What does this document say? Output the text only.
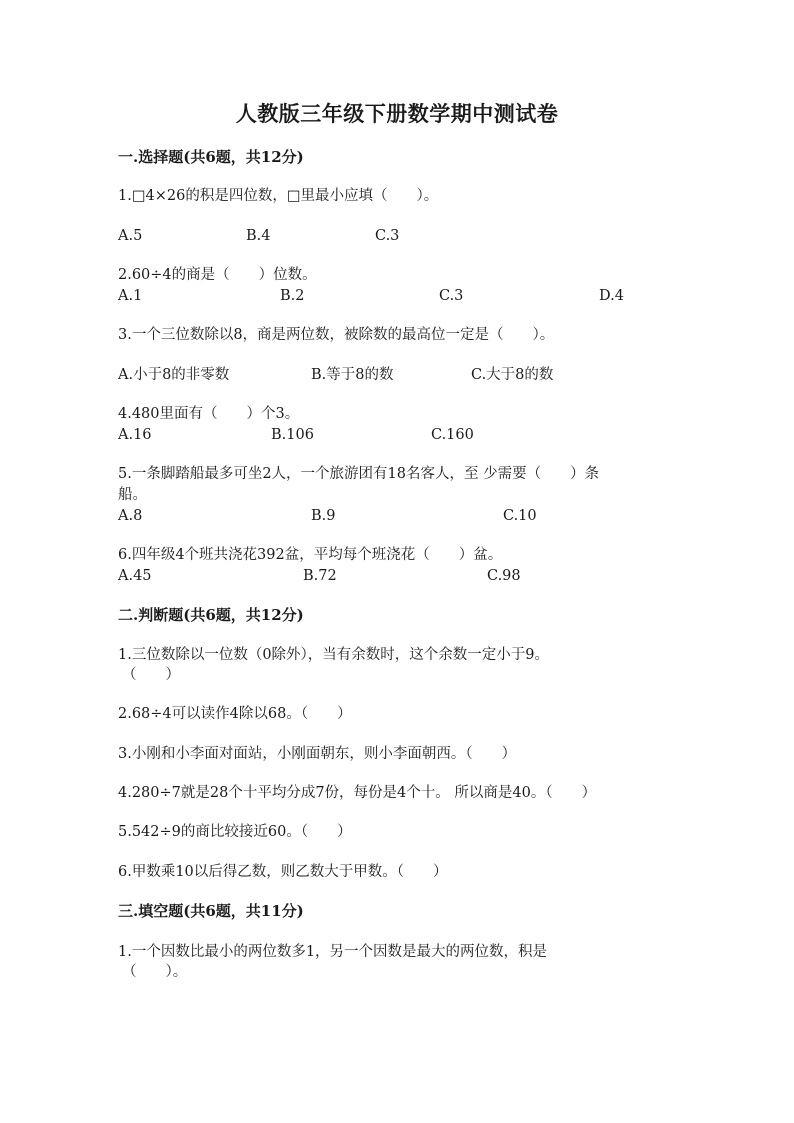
人教版三年级下册数学期中测试卷
一.选择题(共6题，共12分)
1.□4×26的积是四位数，□里最小应填（　　）。
A.5	B.4	C.3
2.60÷4的商是（　　）位数。
A.1	B.2	C.3	D.4
3.一个三位数除以8，商是两位数，被除数的最高位一定是（　　）。
A.小于8的非零数	B.等于8的数	C.大于8的数
4.480里面有（　　）个3。
A.16	B.106	C.160
5.一条脚踏船最多可坐2人，一个旅游团有18名客人，至 少需要（　　）条
船。
A.8	B.9	C.10
6.四年级4个班共浇花392盆，平均每个班浇花（　　）盆。
A.45	B.72	C.98
二.判断题(共6题，共12分)
1.三位数除以一位数（0除外），当有余数时，这个余数一定小于9。
（　　）
2.68÷4可以读作4除以68。（　　）
3.小刚和小李面对面站，小刚面朝东，则小李面朝西。（　　）
4.280÷7就是28个十平均分成7份，每份是4个十。 所以商是40。（　　）
5.542÷9的商比较接近60。（　　）
6.甲数乘10以后得乙数，则乙数大于甲数。（　　）
三.填空题(共6题，共11分)
1.一个因数比最小的两位数多1，另一个因数是最大的两位数，积是
（　　）。
